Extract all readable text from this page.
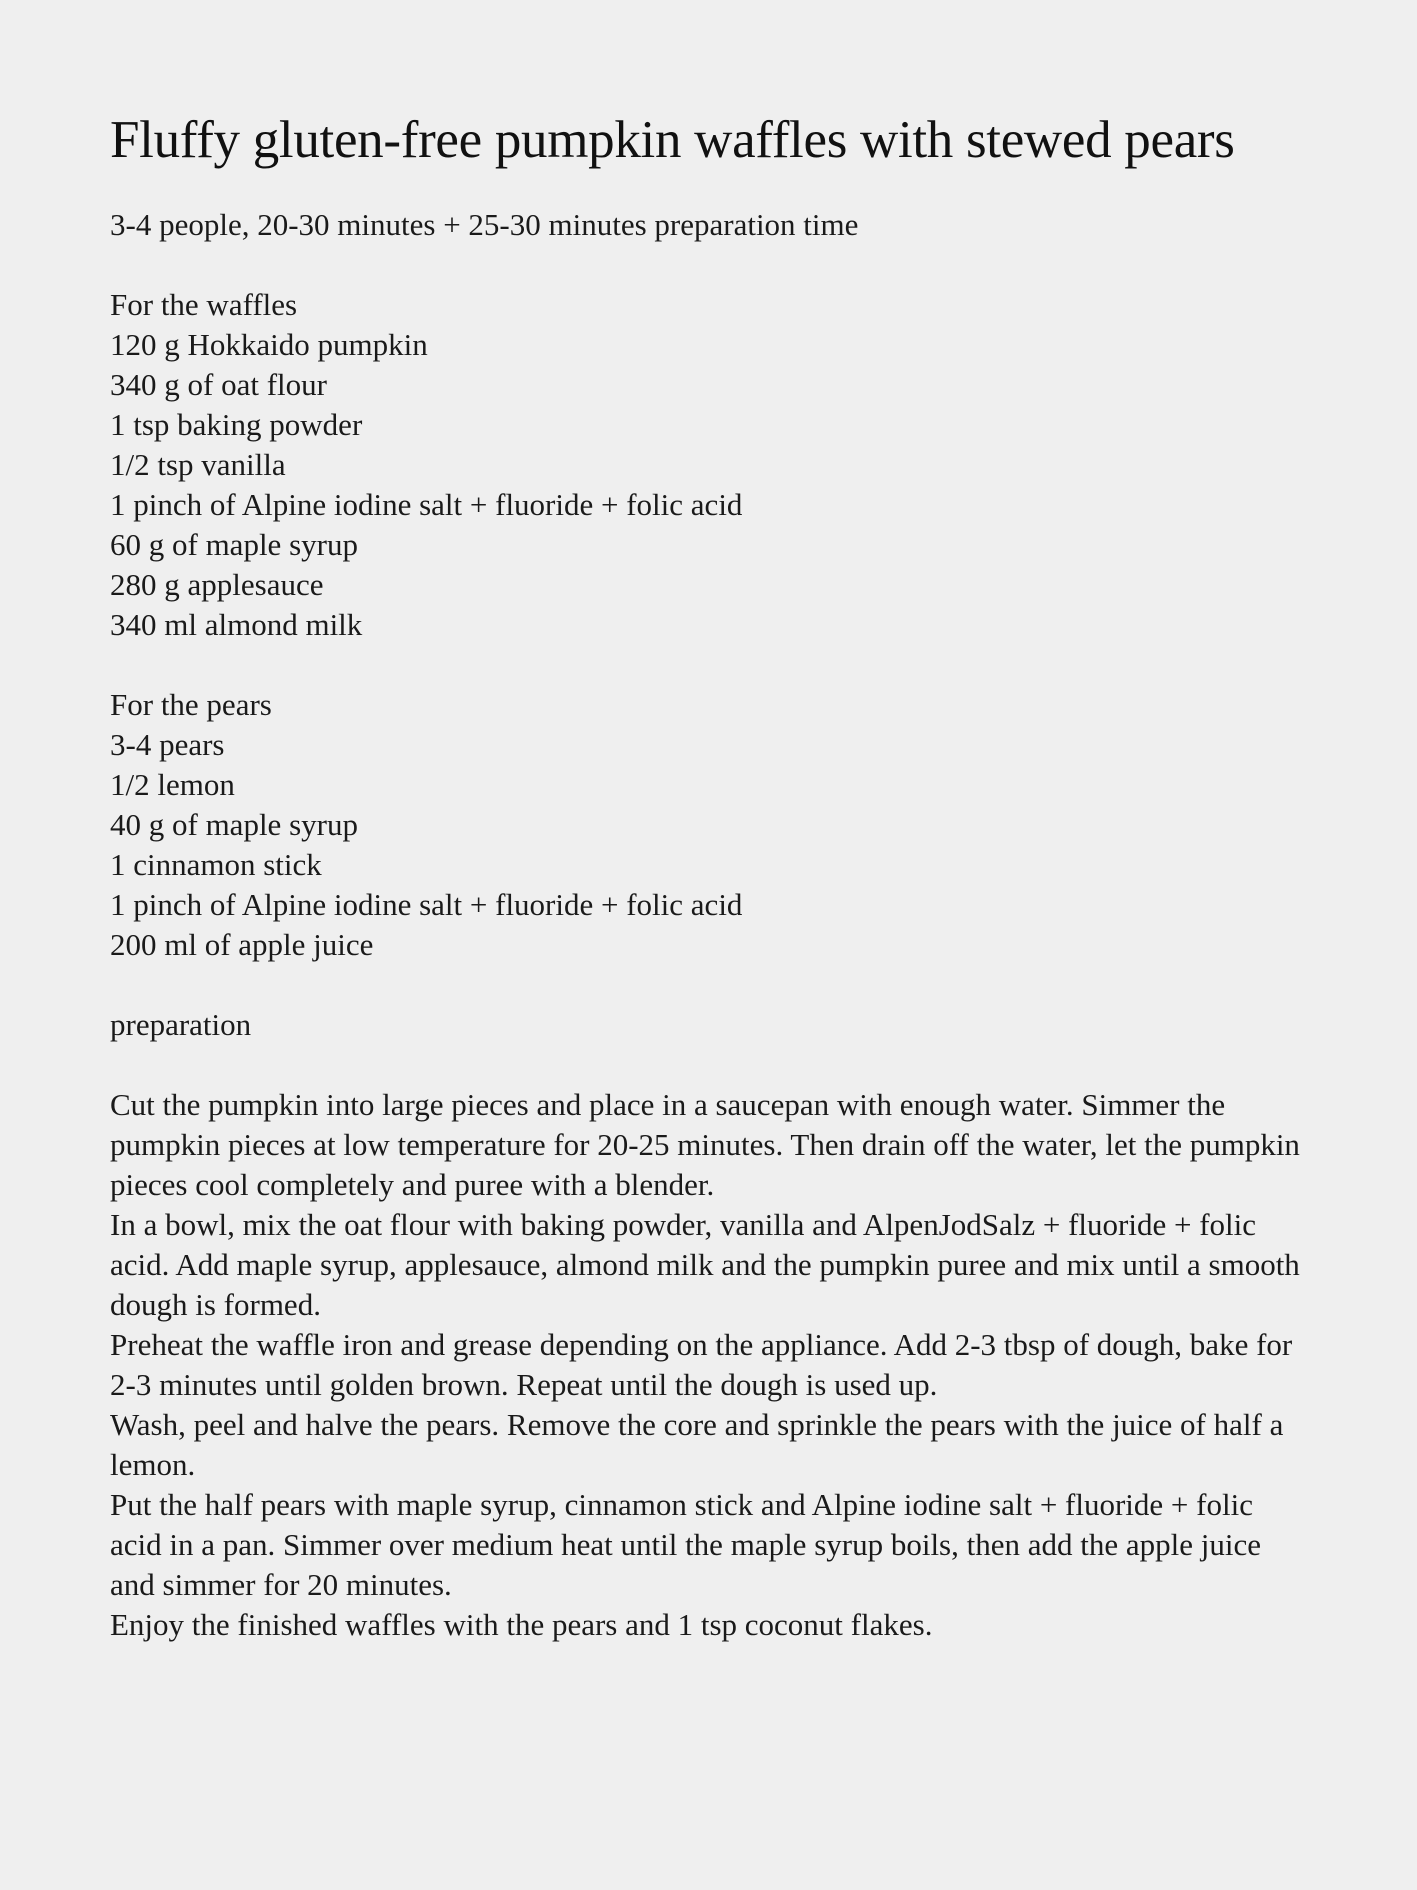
Fluffy gluten-free pumpkin waffles with stewed pears

3-4 people, 20-30 minutes + 25-30 minutes preparation time

For the waffles
120 g Hokkaido pumpkin
340 g of oat flour
1 tsp baking powder
1/2 tsp vanilla
1 pinch of Alpine iodine salt + fluoride + folic acid
60 g of maple syrup
280 g applesauce
340 ml almond milk
For the pears
3-4 pears
1/2 lemon
40 g of maple syrup
1 cinnamon stick
1 pinch of Alpine iodine salt + fluoride + folic acid
200 ml of apple juice
preparation

Cut the pumpkin into large pieces and place in a saucepan with enough water. Simmer the pumpkin pieces at low temperature for 20-25 minutes. Then drain off the water, let the pumpkin pieces cool completely and puree with a blender.

In a bowl, mix the oat flour with baking powder, vanilla and AlpenJodSalz + fluoride + folic acid. Add maple syrup, applesauce, almond milk and the pumpkin puree and mix until a smooth dough is formed.

Preheat the waffle iron and grease depending on the appliance. Add 2-3 tbsp of dough, bake for 2-3 minutes until golden brown. Repeat until the dough is used up.

Wash, peel and halve the pears. Remove the core and sprinkle the pears with the juice of half a lemon.

Put the half pears with maple syrup, cinnamon stick and Alpine iodine salt + fluoride + folic acid in a pan. Simmer over medium heat until the maple syrup boils, then add the apple juice and simmer for 20 minutes.

Enjoy the finished waffles with the pears and 1 tsp coconut flakes.
